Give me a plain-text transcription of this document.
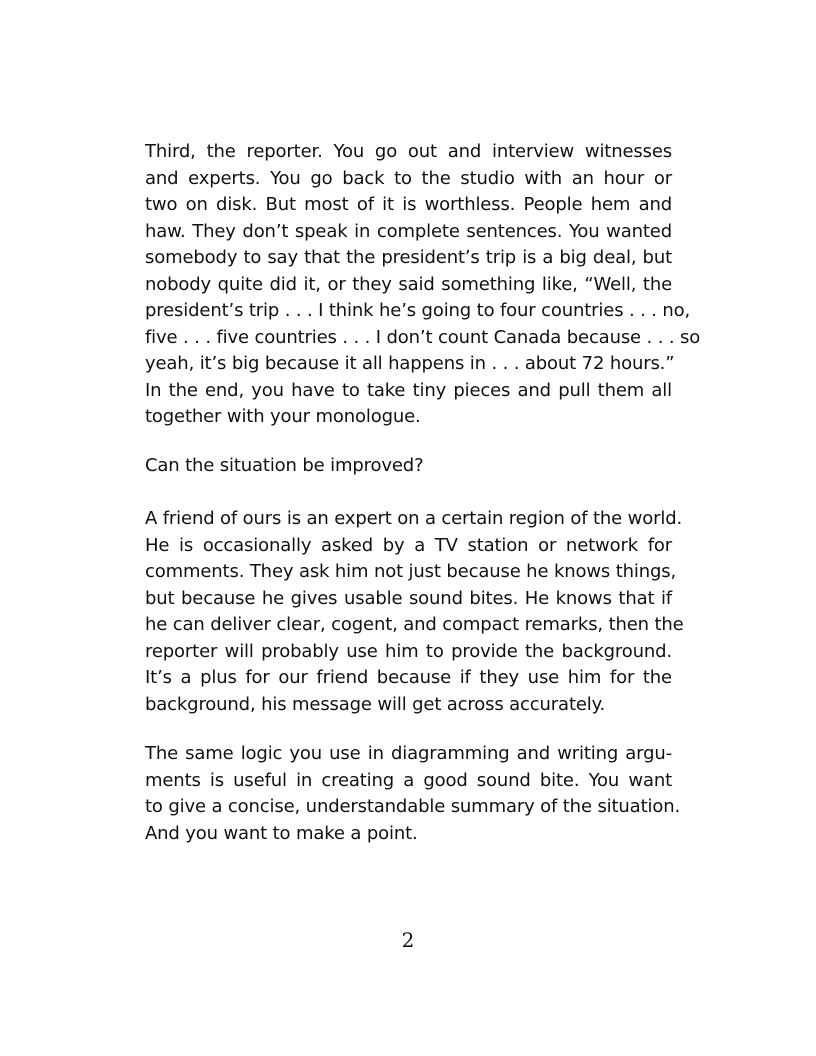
Third, the reporter. You go out and interview witnesses
and experts. You go back to the studio with an hour or
two on disk. But most of it is worthless. People hem and
haw. They don’t speak in complete sentences. You wanted
somebody to say that the president’s trip is a big deal, but
nobody quite did it, or they said something like, “Well, the
president’s trip . . . I think he’s going to four countries . . . no,
five . . . five countries . . . I don’t count Canada because . . . so
yeah, it’s big because it all happens in . . . about 72 hours.”
In the end, you have to take tiny pieces and pull them all
together with your monologue.
Can the situation be improved?
A friend of ours is an expert on a certain region of the world.
He is occasionally asked by a TV station or network for
comments. They ask him not just because he knows things,
but because he gives usable sound bites. He knows that if
he can deliver clear, cogent, and compact remarks, then the
reporter will probably use him to provide the background.
It’s a plus for our friend because if they use him for the
background, his message will get across accurately.
The same logic you use in diagramming and writing argu-
ments is useful in creating a good sound bite. You want
to give a concise, understandable summary of the situation.
And you want to make a point.
2
